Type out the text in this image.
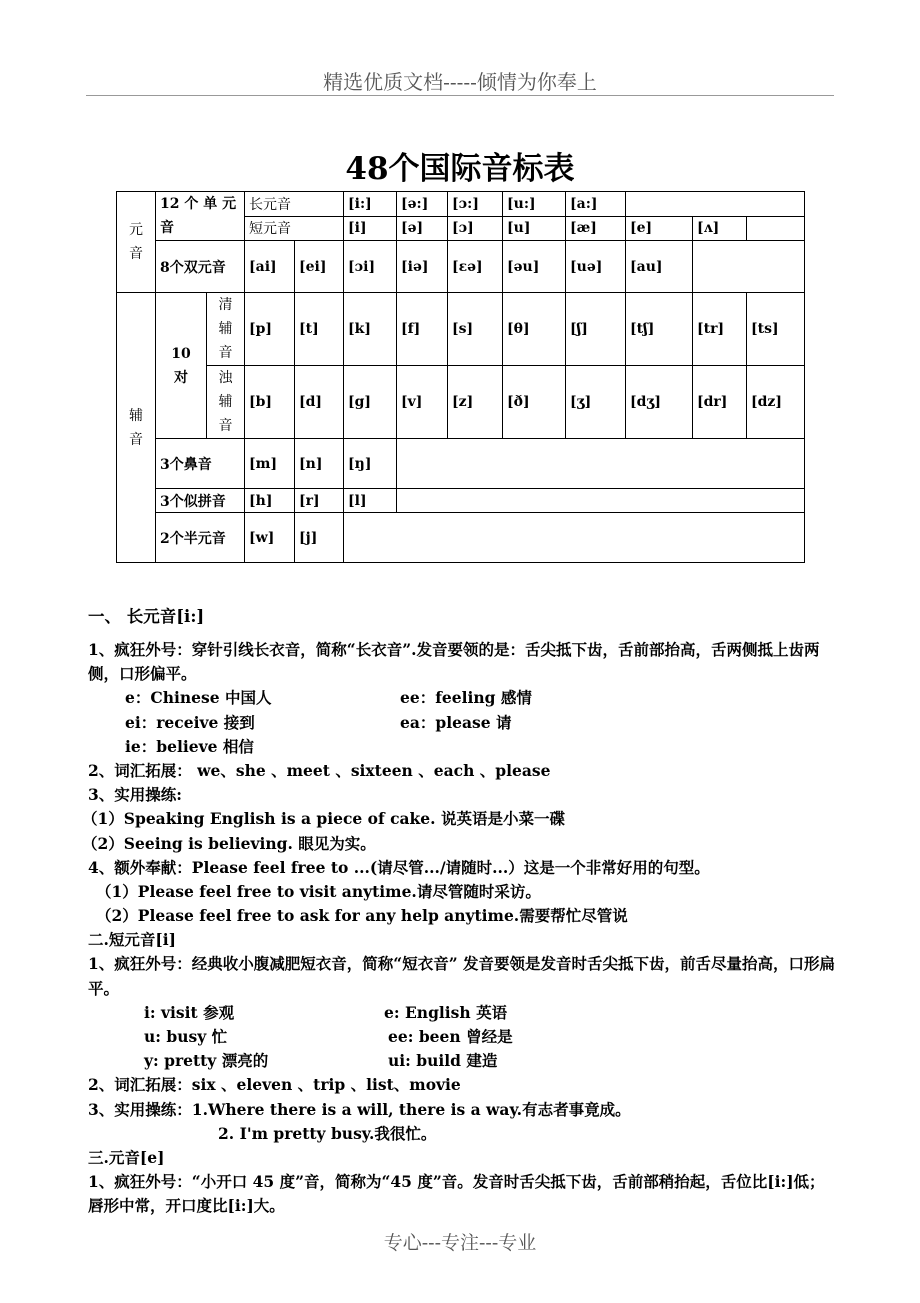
精选优质文档-----倾情为你奉上
48个国际音标表
元音	12 个 单 元音		长元音		[i:]	[ə:]	[ɔ:]	[u:]	[a:]			
			短元音		[i]	[ə]	[ɔ]	[u]	[æ]	[e]	[ʌ]	
	8个双元音		[ai]	[ei]	[ɔi]	[iə]	[εə]	[əu]	[uə]	[au]		
辅音	10 对	清辅音	[p]	[t]	[k]	[f]	[s]	[θ]	[ʃ]	[tʃ]	[tr]	[ts]
		浊辅音	[b]	[d]	[g]	[v]	[z]	[ð]	[ʒ]	[dʒ]	[dr]	[dz]
	3个鼻音		[m]	[n]	[ŋ]							
	3个似拼音		[h]	[r]	[l]							
	2个半元音		[w]	[j]								

一、 长元音[i:]

1、疯狂外号：穿针引线长衣音，简称“长衣音”.发音要领的是：舌尖抵下齿，舌前部抬高，舌两侧抵上齿两侧，口形偏平。

e：Chinese 中国人	ee：feeling 感情
ei：receive 接到	ea：please 请
ie：believe 相信

2、词汇拓展： we、she 、meet 、sixteen 、each 、please

3、实用操练:

（1）Speaking English is a piece of cake. 说英语是小菜一碟

（2）Seeing is believing. 眼见为实。

4、额外奉献：Please feel free to ...(请尽管.../请随时...）这是一个非常好用的句型。

（1）Please feel free to visit anytime.请尽管随时采访。

（2）Please feel free to ask for any help anytime.需要帮忙尽管说

二.短元音[i]

1、疯狂外号：经典收小腹减肥短衣音，简称“短衣音” 发音要领是发音时舌尖抵下齿，前舌尽量抬高，口形扁平。

i: visit 参观	e: English 英语
u: busy 忙	ee: been 曾经是
y: pretty 漂亮的	ui: build 建造

2、词汇拓展：six 、eleven 、trip 、list、movie

3、实用操练：1.Where there is a will, there is a way.有志者事竟成。

2. I'm pretty busy.我很忙。

三.元音[e]

1、疯狂外号：“小开口 45 度”音，简称为“45 度”音。发音时舌尖抵下齿，舌前部稍抬起，舌位比[i:]低；唇形中常，开口度比[i:]大。

专心---专注---专业
